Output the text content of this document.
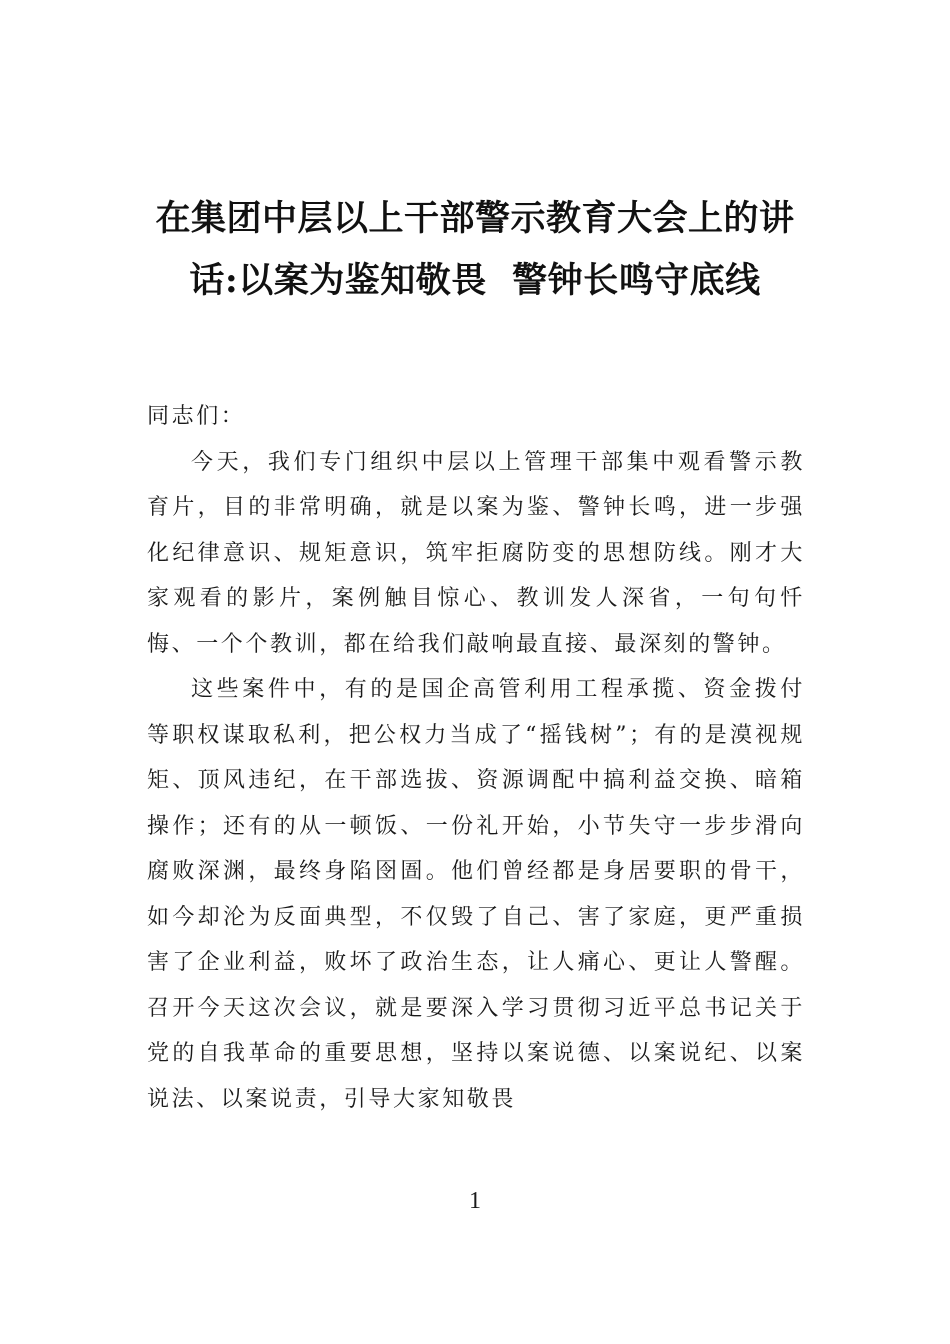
在集团中层以上干部警示教育大会上的讲
话:以案为鉴知敬畏  警钟长鸣守底线

同志们：

今天，我们专门组织中层以上管理干部集中观看警示教育片，目的非常明确，就是以案为鉴、警钟长鸣，进一步强化纪律意识、规矩意识，筑牢拒腐防变的思想防线。刚才大家观看的影片，案例触目惊心、教训发人深省，一句句忏悔、一个个教训，都在给我们敲响最直接、最深刻的警钟。

这些案件中，有的是国企高管利用工程承揽、资金拨付等职权谋取私利，把公权力当成了“摇钱树”；有的是漠视规矩、顶风违纪，在干部选拔、资源调配中搞利益交换、暗箱操作；还有的从一顿饭、一份礼开始，小节失守一步步滑向腐败深渊，最终身陷囹圄。他们曾经都是身居要职的骨干，如今却沦为反面典型，不仅毁了自己、害了家庭，更严重损害了企业利益，败坏了政治生态，让人痛心、更让人警醒。召开今天这次会议，就是要深入学习贯彻习近平总书记关于党的自我革命的重要思想，坚持以案说德、以案说纪、以案说法、以案说责，引导大家知敬畏

1
